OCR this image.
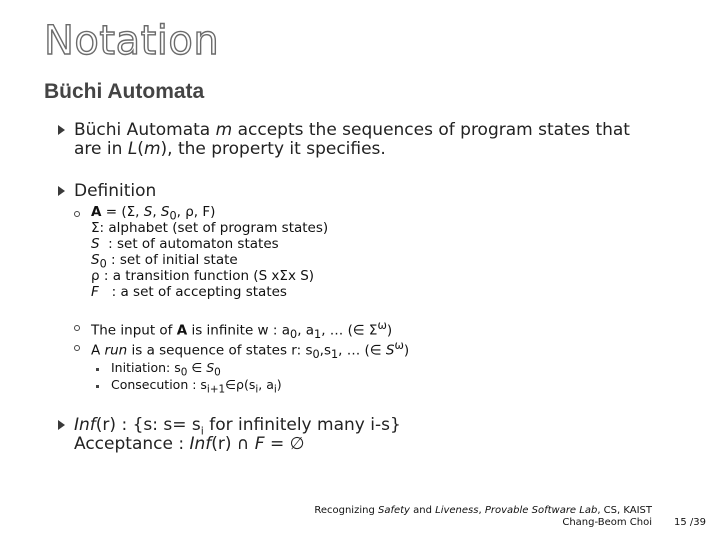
Notation
Büchi Automata
Büchi Automata m accepts the sequences of program states that
are in L(m), the property it specifies.
Definition
A = (Σ, S, $S_0$, ρ, F)
Σ: alphabet (set of program states)
S  : set of automaton states
$S_0$ : set of initial state
ρ : a transition function (S xΣx S)
F   : a set of accepting states
The input of A is infinite w : $a_0$, $a_1$, … (∈ $\Sigma^\omega$)
A run is a sequence of states r: $s_0,s_1$, … (∈ $S^\omega$)
Initiation: $s_0$ ∈ $S_0$
Consecution : $s_{i+1}\in\rho(s_i$, $a_i$)
Inf(r) : {s: $s= s_i$ for infinitely many i-s}
Acceptance : Inf(r) ∩ F = ∅
Recognizing Safety and Liveness, Provable Software Lab, CS, KAIST
Chang-Beom Choi 15 /39
